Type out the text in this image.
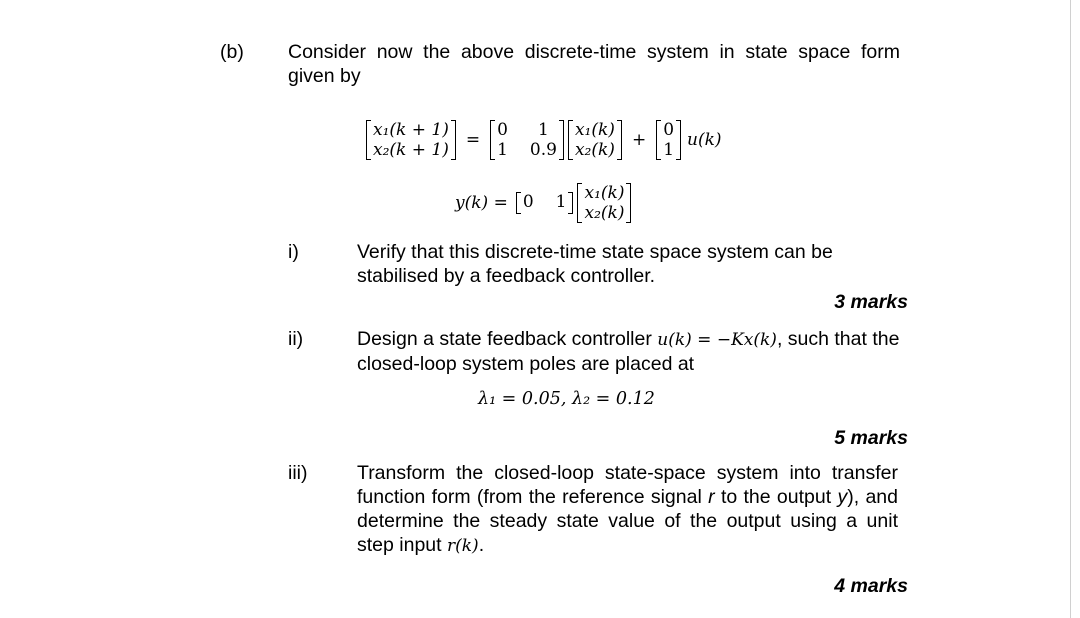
(b) Consider now the above discrete-time system in state space form given by
x₁(k + 1)
x₂(k + 1) = 0	1
1 0.9
x₁(k)
x₂(k) + 0
1 u(k)
y(k) = 0 1 x₁(k)
x₂(k)
i)	Verify that this discrete-time state space system can be stabilised by a feedback controller.
3 marks
ii)	Design a state feedback controller u(k) = −Kx(k), such that the closed-loop system poles are placed at
λ₁ = 0.05, λ₂ = 0.12
5 marks
iii)	Transform the closed-loop state-space system into transfer function form (from the reference signal r to the output y), and determine the steady state value of the output using a unit step input r(k).
4 marks
